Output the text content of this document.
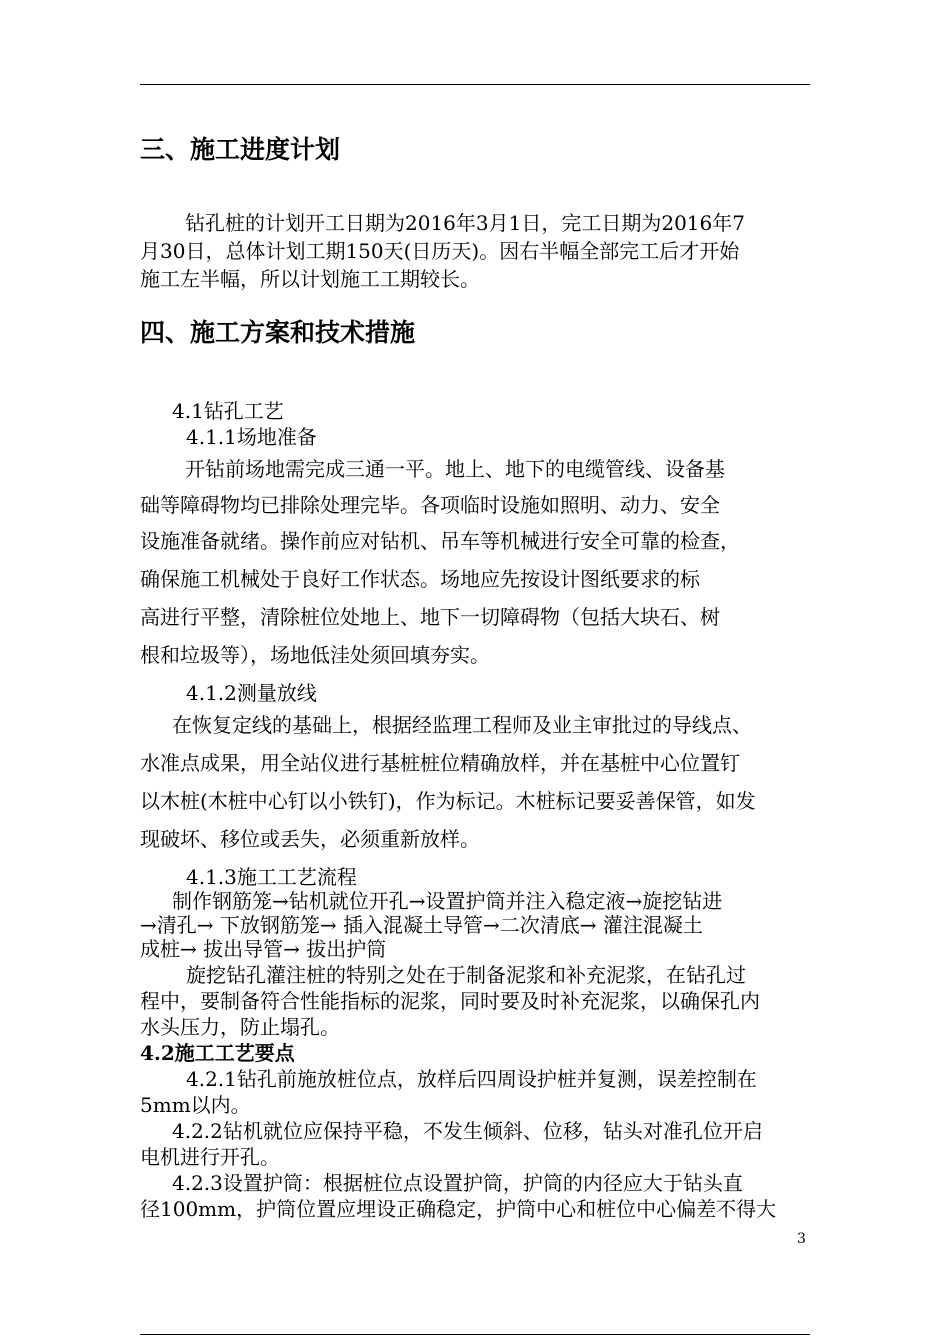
三、施工进度计划
钻孔桩的计划开工日期为2016年3月1日，完工日期为2016年7
月30日，总体计划工期150天(日历天)。因右半幅全部完工后才开始
施工左半幅，所以计划施工工期较长。
四、施工方案和技术措施
4.1钻孔工艺
4.1.1场地准备
开钻前场地需完成三通一平。地上、地下的电缆管线、设备基
础等障碍物均已排除处理完毕。各项临时设施如照明、动力、安全
设施准备就绪。操作前应对钻机、吊车等机械进行安全可靠的检查，
确保施工机械处于良好工作状态。场地应先按设计图纸要求的标
高进行平整，清除桩位处地上、地下一切障碍物（包括大块石、树
根和垃圾等），场地低洼处须回填夯实。
4.1.2测量放线
在恢复定线的基础上，根据经监理工程师及业主审批过的导线点、
水准点成果，用全站仪进行基桩桩位精确放样，并在基桩中心位置钉
以木桩(木桩中心钉以小铁钉)，作为标记。木桩标记要妥善保管，如发
现破坏、移位或丢失，必须重新放样。
4.1.3施工工艺流程
制作钢筋笼→钻机就位开孔→设置护筒并注入稳定液→旋挖钻进
→清孔→ 下放钢筋笼→ 插入混凝土导管→二次清底→ 灌注混凝土
成桩→ 拔出导管→ 拔出护筒
旋挖钻孔灌注桩的特别之处在于制备泥浆和补充泥浆，在钻孔过
程中，要制备符合性能指标的泥浆，同时要及时补充泥浆，以确保孔内
水头压力，防止塌孔。
4.2施工工艺要点
4.2.1钻孔前施放桩位点，放样后四周设护桩并复测，误差控制在
5mm以内。
4.2.2钻机就位应保持平稳，不发生倾斜、位移，钻头对准孔位开启
电机进行开孔。
4.2.3设置护筒：根据桩位点设置护筒，护筒的内径应大于钻头直
径100mm，护筒位置应埋设正确稳定，护筒中心和桩位中心偏差不得大
3
